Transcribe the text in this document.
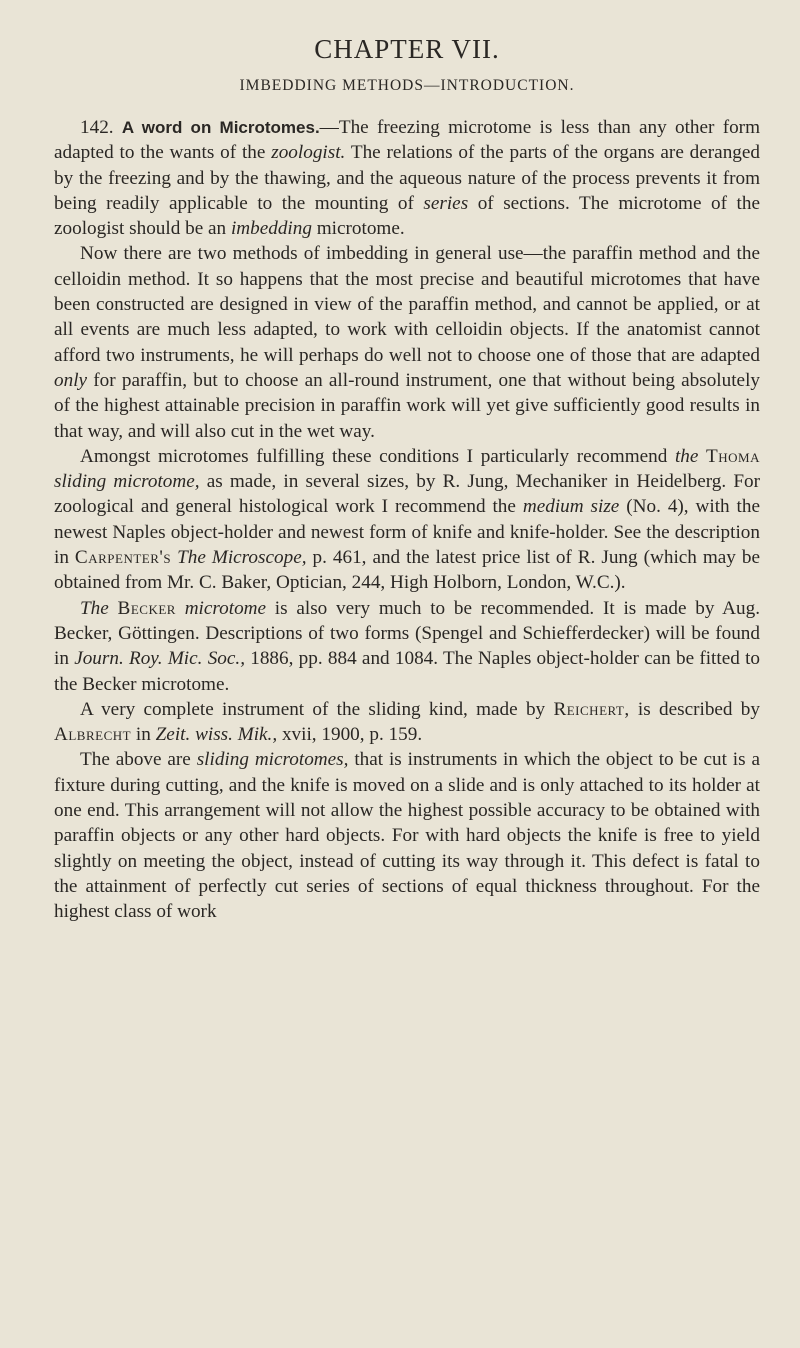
CHAPTER VII.
IMBEDDING METHODS—INTRODUCTION.

142. A word on Microtomes.—The freezing microtome is less than any other form adapted to the wants of the zoologist. The relations of the parts of the organs are deranged by the freezing and by the thawing, and the aqueous nature of the process prevents it from being readily applicable to the mounting of series of sections. The microtome of the zoologist should be an imbedding microtome.

Now there are two methods of imbedding in general use—the paraffin method and the celloidin method. It so happens that the most precise and beautiful microtomes that have been constructed are designed in view of the paraffin method, and cannot be applied, or at all events are much less adapted, to work with celloidin objects. If the anatomist cannot afford two instruments, he will perhaps do well not to choose one of those that are adapted only for paraffin, but to choose an all-round instrument, one that without being absolutely of the highest attainable precision in paraffin work will yet give sufficiently good results in that way, and will also cut in the wet way.

Amongst microtomes fulfilling these conditions I particularly recommend the Thoma sliding microtome, as made, in several sizes, by R. Jung, Mechaniker in Heidelberg. For zoological and general histological work I recommend the medium size (No. 4), with the newest Naples object-holder and newest form of knife and knife-holder. See the description in Carpenter's The Microscope, p. 461, and the latest price list of R. Jung (which may be obtained from Mr. C. Baker, Optician, 244, High Holborn, London, W.C.).

The Becker microtome is also very much to be recommended. It is made by Aug. Becker, Göttingen. Descriptions of two forms (Spengel and Schiefferdecker) will be found in Journ. Roy. Mic. Soc., 1886, pp. 884 and 1084. The Naples object-holder can be fitted to the Becker microtome.

A very complete instrument of the sliding kind, made by Reichert, is described by Albrecht in Zeit. wiss. Mik., xvii, 1900, p. 159.

The above are sliding microtomes, that is instruments in which the object to be cut is a fixture during cutting, and the knife is moved on a slide and is only attached to its holder at one end. This arrangement will not allow the highest possible accuracy to be obtained with paraffin objects or any other hard objects. For with hard objects the knife is free to yield slightly on meeting the object, instead of cutting its way through it. This defect is fatal to the attainment of perfectly cut series of sections of equal thickness throughout. For the highest class of work
